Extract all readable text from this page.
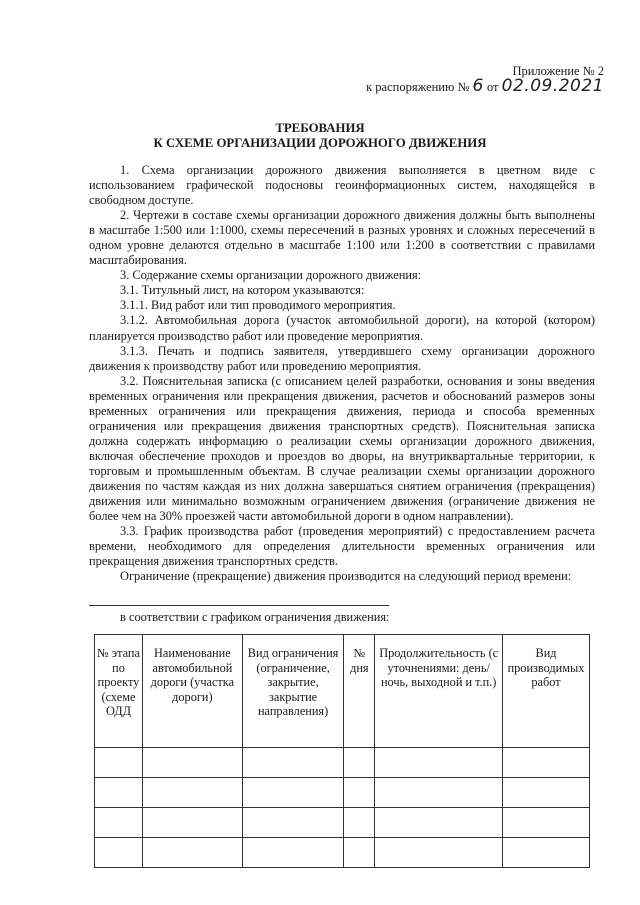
Приложение № 2
к распоряжению № 6 от 02.09.2021
ТРЕБОВАНИЯ
К СХЕМЕ ОРГАНИЗАЦИИ ДОРОЖНОГО ДВИЖЕНИЯ

1. Схема организации дорожного движения выполняется в цветном виде с использованием графической подосновы геоинформационных систем, находящейся в свободном доступе.

2. Чертежи в составе схемы организации дорожного движения должны быть выполнены в масштабе 1:500 или 1:1000, схемы пересечений в разных уровнях и сложных пересечений в одном уровне делаются отдельно в масштабе 1:100 или 1:200 в соответствии с правилами масштабирования.

3. Содержание схемы организации дорожного движения:

3.1. Титульный лист, на котором указываются:

3.1.1. Вид работ или тип проводимого мероприятия.

3.1.2. Автомобильная дорога (участок автомобильной дороги), на которой (котором) планируется производство работ или проведение мероприятия.

3.1.3. Печать и подпись заявителя, утвердившего схему организации дорожного движения к производству работ или проведению мероприятия.

3.2. Пояснительная записка (с описанием целей разработки, основания и зоны введения временных ограничения или прекращения движения, расчетов и обоснований размеров зоны временных ограничения или прекращения движения, периода и способа временных ограничения или прекращения движения транспортных средств). Пояснительная записка должна содержать информацию о реализации схемы организации дорожного движения, включая обеспечение проходов и проездов во дворы, на внутриквартальные территории, к торговым и промышленным объектам. В случае реализации схемы организации дорожного движения по частям каждая из них должна завершаться снятием ограничения (прекращения) движения или минимально возможным ограничением движения (ограничение движения не более чем на 30% проезжей части автомобильной дороги в одном направлении).

3.3. График производства работ (проведения мероприятий) с предоставлением расчета времени, необходимого для определения длительности временных ограничения или прекращения движения транспортных средств.

Ограничение (прекращение) движения производится на следующий период времени:

в соответствии с графиком ограничения движения:
№ этапа по проекту (схеме ОДД	Наименование автомобильной дороги (участка дороги)	Вид ограничения (ограничение, закрытие, закрытие направления)	№ дня	Продолжительность (с уточнениями: день/ночь, выходной и т.п.)	Вид производимых работ
